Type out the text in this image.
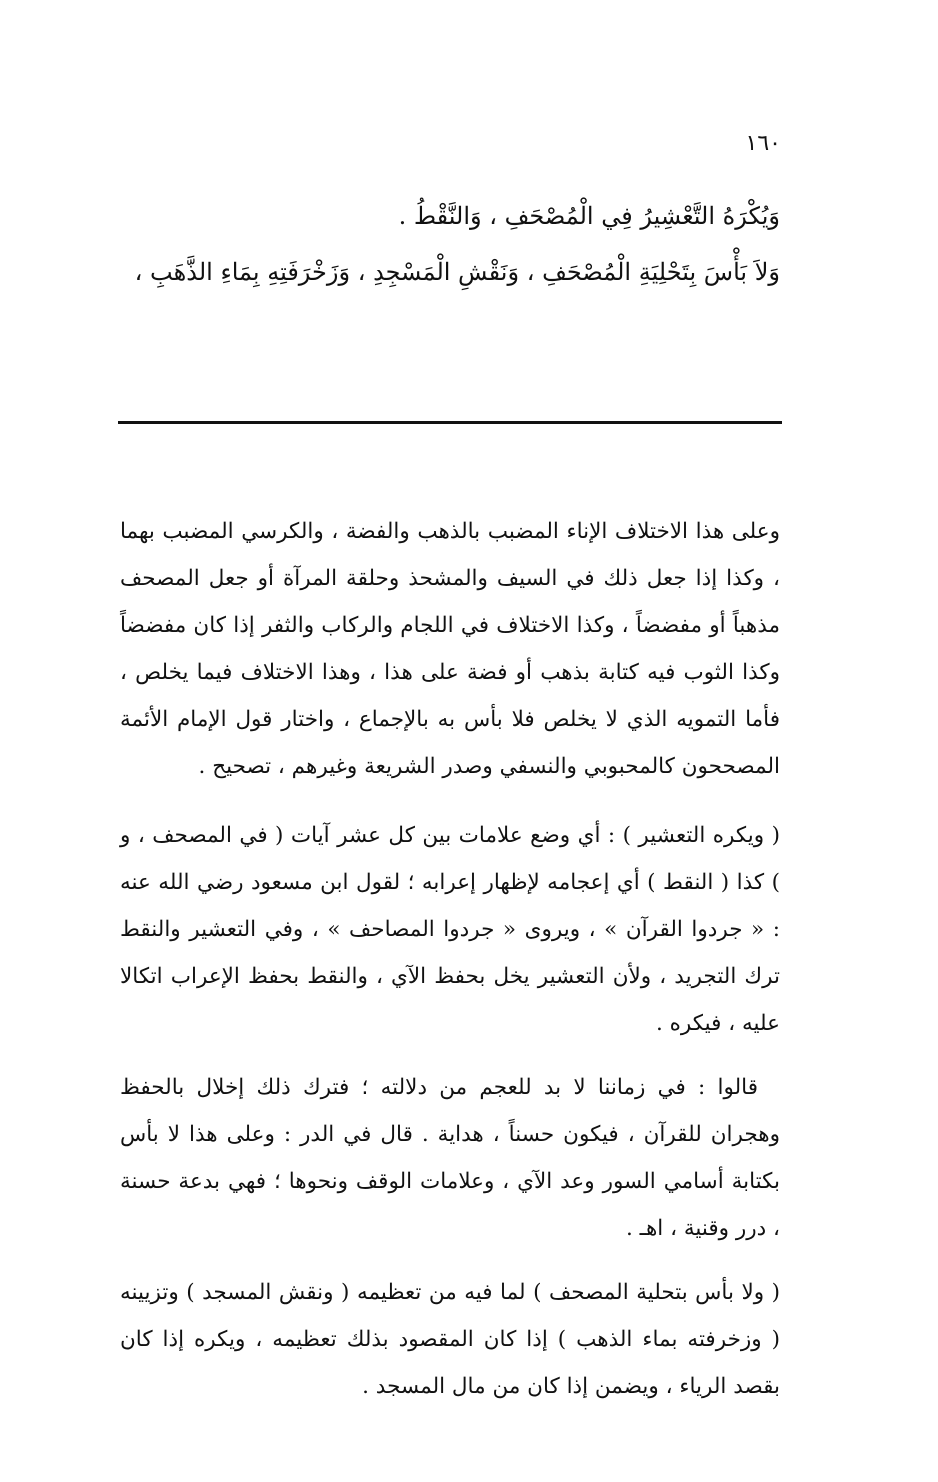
١٦٠

وَيُكْرَهُ التَّعْشِيرُ فِي الْمُصْحَفِ ، وَالنَّقْطُ .

وَلاَ بَأْسَ بِتَحْلِيَةِ الْمُصْحَفِ ، وَنَقْشِ الْمَسْجِدِ ، وَزَخْرَفَتِهِ بِمَاءِ الذَّهَبِ ،

وعلى هذا الاختلاف الإناء المضبب بالذهب والفضة ، والكرسي المضبب بهما ، وكذا إذا جعل ذلك في السيف والمشحذ وحلقة المرآة أو جعل المصحف مذهباً أو مفضضاً ، وكذا الاختلاف في اللجام والركاب والثفر إذا كان مفضضاً وكذا الثوب فيه كتابة بذهب أو فضة على هذا ، وهذا الاختلاف فيما يخلص ، فأما التمويه الذي لا يخلص فلا بأس به بالإجماع ، واختار قول الإمام الأئمة المصححون كالمحبوبي والنسفي وصدر الشريعة وغيرهم ، تصحيح .

( ويكره التعشير ) : أي وضع علامات بين كل عشر آيات ( في المصحف ، و ) كذا ( النقط ) أي إعجامه لإظهار إعرابه ؛ لقول ابن مسعود رضي الله عنه : « جردوا القرآن » ، ويروى « جردوا المصاحف » ، وفي التعشير والنقط ترك التجريد ، ولأن التعشير يخل بحفظ الآي ، والنقط بحفظ الإعراب اتكالا عليه ، فيكره .

قالوا : في زماننا لا بد للعجم من دلالته ؛ فترك ذلك إخلال بالحفظ وهجران للقرآن ، فيكون حسناً ، هداية . قال في الدر : وعلى هذا لا بأس بكتابة أسامي السور وعد الآي ، وعلامات الوقف ونحوها ؛ فهي بدعة حسنة ، درر وقنية ، اهـ .

( ولا بأس بتحلية المصحف ) لما فيه من تعظيمه ( ونقش المسجد ) وتزيينه ( وزخرفته بماء الذهب ) إذا كان المقصود بذلك تعظيمه ، ويكره إذا كان بقصد الرياء ، ويضمن إذا كان من مال المسجد .
